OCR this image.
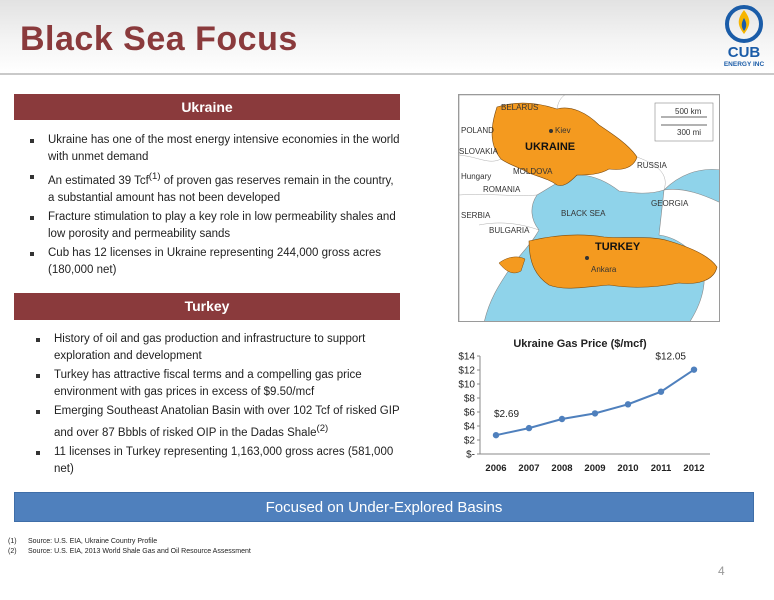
Black Sea Focus	CUB
ENERGY INC
Ukraine
Ukraine has one of the most energy intensive economies in the world with unmet demand
An estimated 39 Tcf$^{(1)}$ of proven gas reserves remain in the country, a substantial amount has not been developed
Fracture stimulation to play a key role in low permeability shales and low porosity and permeability sands
Cub has 12 licenses in Ukraine representing 244,000 gross acres (180,000 net)
Turkey
History of oil and gas production and infrastructure to support exploration and development
Turkey has attractive fiscal terms and a compelling gas price environment with gas prices in excess of $9.50/mcf
Emerging Southeast Anatolian Basin with over 102 Tcf of risked GIP and over 87 Bbbls of risked OIP in the Dadas Shale$^{(2)}$
11 licenses in Turkey representing 1,163,000 gross acres (581,000 net)
BELARUS
POLAND
SLOVAKIA
Hungary
ROMANIA
MOLDOVA
SERBIA
BULGARIA
RUSSIA
GEORGIA
UKRAINE
Kiev
BLACK SEA
TURKEY
Ankara
500 km
300 mi
Ukraine Gas Price ($/mcf)
$-
$2
$4
$6
$8
$10
$12
$14
2006 2007 2008 2009 2010 2011 2012
$2.69
$12.05
Focused on Under-Explored Basins
(1) Source: U.S. EIA, Ukraine Country Profile
(2) Source: U.S. EIA, 2013 World Shale Gas and Oil Resource Assessment
4
